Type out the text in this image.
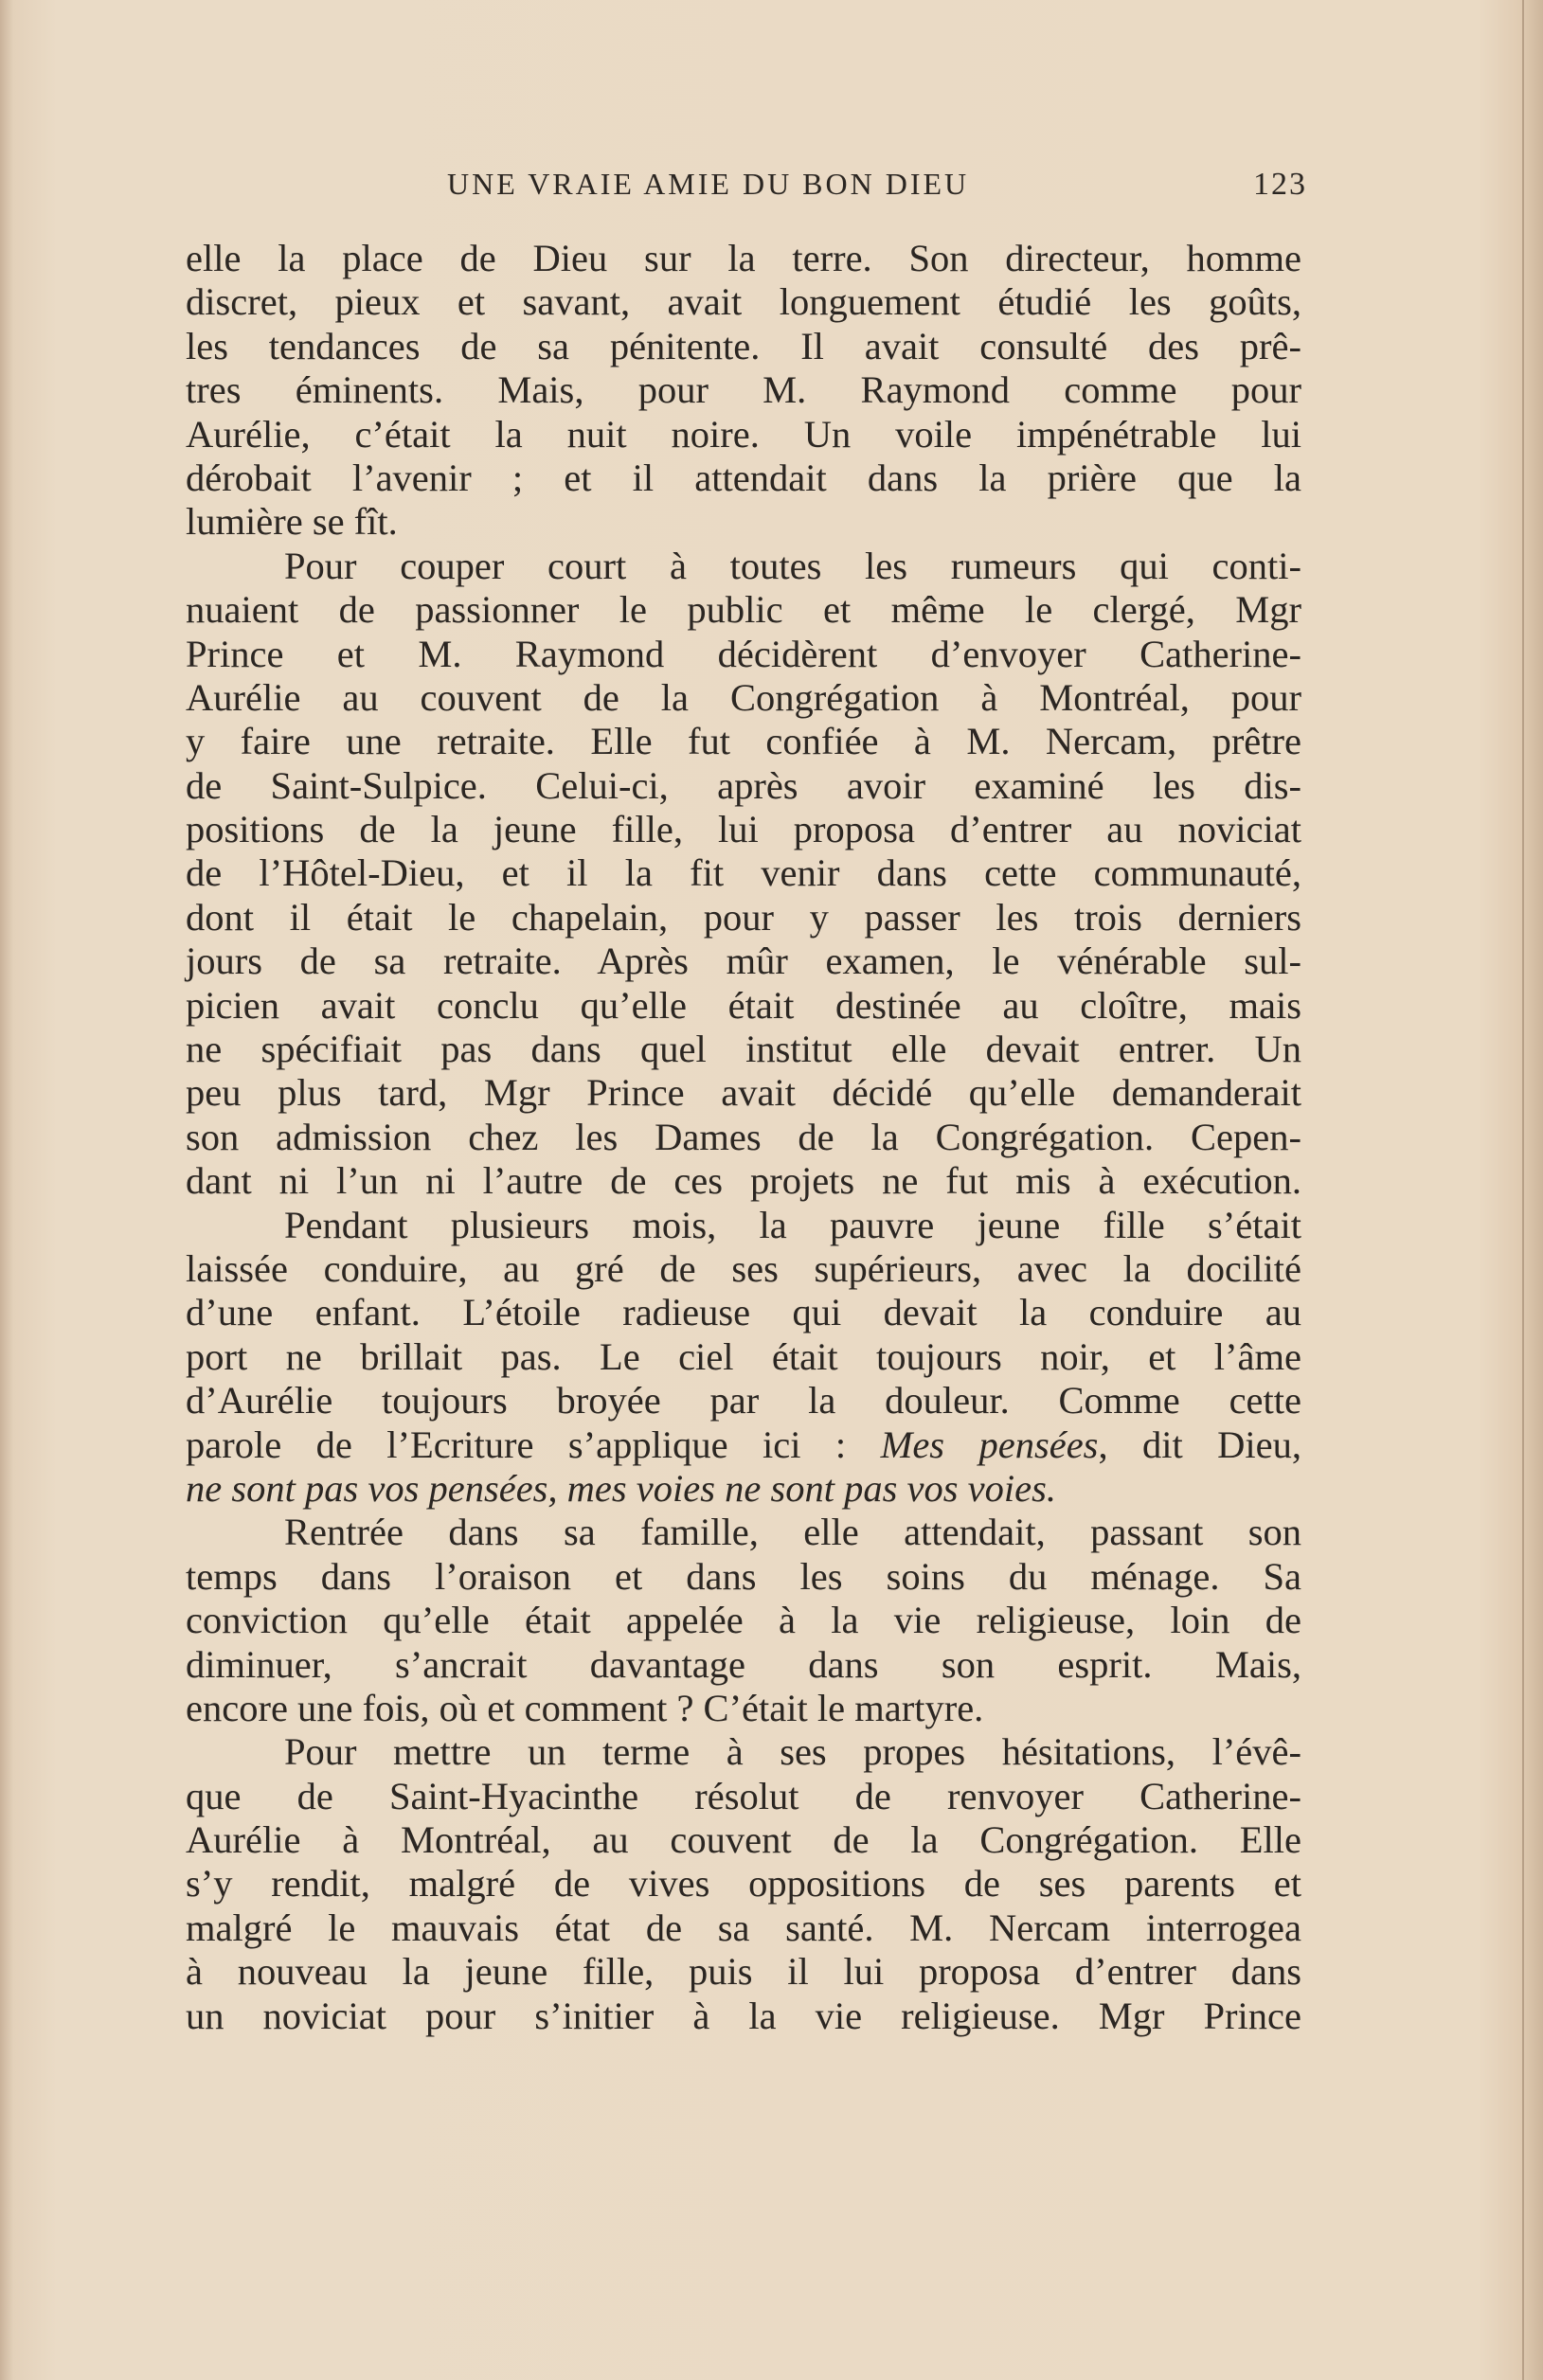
UNE VRAIE AMIE DU BON DIEU	123
elle la place de Dieu sur la terre. Son directeur, homme
discret, pieux et savant, avait longuement étudié les goûts,
les tendances de sa pénitente. Il avait consulté des prê-
tres éminents. Mais, pour M. Raymond comme pour
Aurélie, c’était la nuit noire. Un voile impénétrable lui
dérobait l’avenir ; et il attendait dans la prière que la
lumière se fît.
Pour couper court à toutes les rumeurs qui conti-
nuaient de passionner le public et même le clergé, Mgr
Prince et M. Raymond décidèrent d’envoyer Catherine-
Aurélie au couvent de la Congrégation à Montréal, pour
y faire une retraite. Elle fut confiée à M. Nercam, prêtre
de Saint-Sulpice. Celui-ci, après avoir examiné les dis-
positions de la jeune fille, lui proposa d’entrer au noviciat
de l’Hôtel-Dieu, et il la fit venir dans cette communauté,
dont il était le chapelain, pour y passer les trois derniers
jours de sa retraite. Après mûr examen, le vénérable sul-
picien avait conclu qu’elle était destinée au cloître, mais
ne spécifiait pas dans quel institut elle devait entrer. Un
peu plus tard, Mgr Prince avait décidé qu’elle demanderait
son admission chez les Dames de la Congrégation. Cepen-
dant ni l’un ni l’autre de ces projets ne fut mis à exécution.
Pendant plusieurs mois, la pauvre jeune fille s’était
laissée conduire, au gré de ses supérieurs, avec la docilité
d’une enfant. L’étoile radieuse qui devait la conduire au
port ne brillait pas. Le ciel était toujours noir, et l’âme
d’Aurélie toujours broyée par la douleur. Comme cette
parole de l’Ecriture s’applique ici : Mes pensées, dit Dieu,
ne sont pas vos pensées, mes voies ne sont pas vos voies.
Rentrée dans sa famille, elle attendait, passant son
temps dans l’oraison et dans les soins du ménage. Sa
conviction qu’elle était appelée à la vie religieuse, loin de
diminuer, s’ancrait davantage dans son esprit. Mais,
encore une fois, où et comment ? C’était le martyre.
Pour mettre un terme à ses propes hésitations, l’évê-
que de Saint-Hyacinthe résolut de renvoyer Catherine-
Aurélie à Montréal, au couvent de la Congrégation. Elle
s’y rendit, malgré de vives oppositions de ses parents et
malgré le mauvais état de sa santé. M. Nercam interrogea
à nouveau la jeune fille, puis il lui proposa d’entrer dans
un noviciat pour s’initier à la vie religieuse. Mgr Prince
